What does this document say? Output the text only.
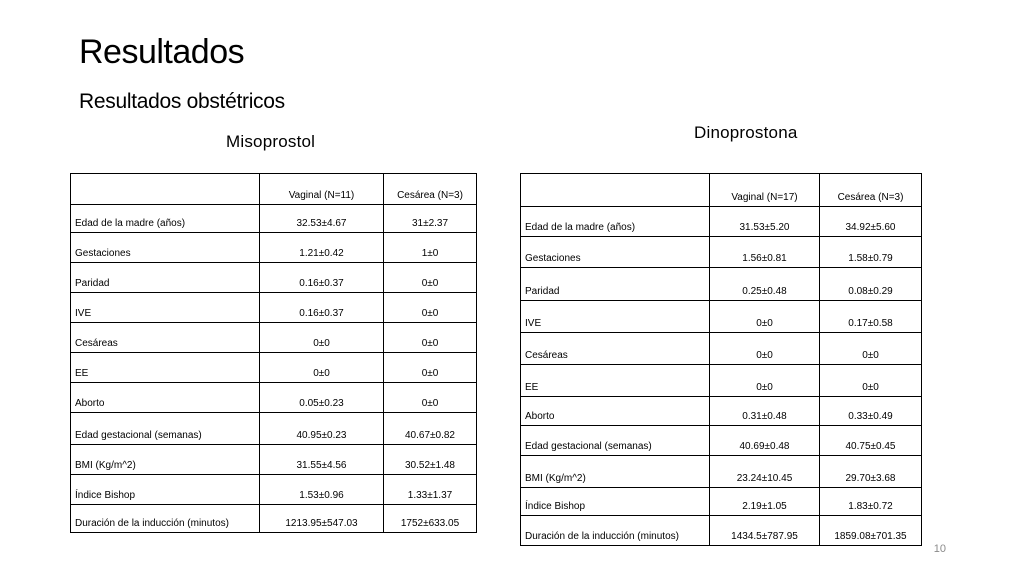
Resultados
Resultados obstétricos
Misoprostol	Dinoprostona
	Vaginal (N=11)	Cesárea (N=3)
Edad de la madre (años)	32.53±4.67	31±2.37
Gestaciones	1.21±0.42	1±0
Paridad	0.16±0.37	0±0
IVE	0.16±0.37	0±0
Cesáreas	0±0	0±0
EE	0±0	0±0
Aborto	0.05±0.23	0±0
Edad gestacional (semanas)	40.95±0.23	40.67±0.82
BMI (Kg/m^2)	31.55±4.56	30.52±1.48
Índice Bishop	1.53±0.96	1.33±1.37
Duración de la inducción (minutos)	1213.95±547.03	1752±633.05
	Vaginal (N=17)	Cesárea (N=3)
Edad de la madre (años)	31.53±5.20	34.92±5.60
Gestaciones	1.56±0.81	1.58±0.79
Paridad	0.25±0.48	0.08±0.29
IVE	0±0	0.17±0.58
Cesáreas	0±0	0±0
EE	0±0	0±0
Aborto	0.31±0.48	0.33±0.49
Edad gestacional (semanas)	40.69±0.48	40.75±0.45
BMI (Kg/m^2)	23.24±10.45	29.70±3.68
Índice Bishop	2.19±1.05	1.83±0.72
Duración de la inducción (minutos)	1434.5±787.95	1859.08±701.35
10
